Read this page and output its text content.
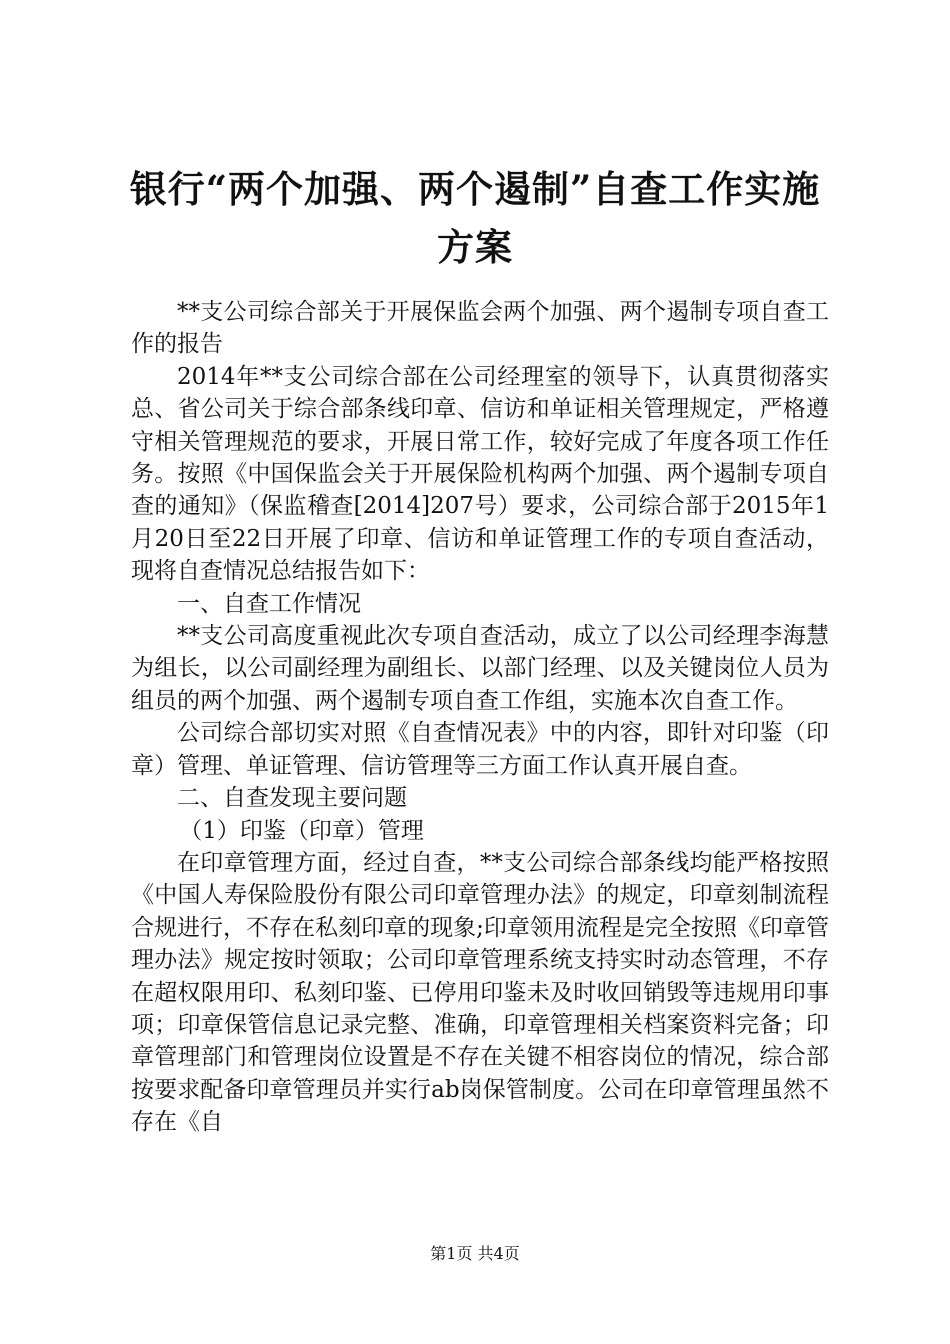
银行“两个加强、两个遏制”自查工作实施方案

**支公司综合部关于开展保监会两个加强、两个遏制专项自查工作的报告

2014年**支公司综合部在公司经理室的领导下，认真贯彻落实总、省公司关于综合部条线印章、信访和单证相关管理规定，严格遵守相关管理规范的要求，开展日常工作，较好完成了年度各项工作任务。按照《中国保监会关于开展保险机构两个加强、两个遏制专项自查的通知》（保监稽查[2014]207号）要求，公司综合部于2015年1月20日至22日开展了印章、信访和单证管理工作的专项自查活动，现将自查情况总结报告如下：

一、自查工作情况

**支公司高度重视此次专项自查活动，成立了以公司经理李海慧为组长，以公司副经理为副组长、以部门经理、以及关键岗位人员为组员的两个加强、两个遏制专项自查工作组，实施本次自查工作。

公司综合部切实对照《自查情况表》中的内容，即针对印鉴（印章）管理、单证管理、信访管理等三方面工作认真开展自查。

二、自查发现主要问题

（1）印鉴（印章）管理

在印章管理方面，经过自查，**支公司综合部条线均能严格按照《中国人寿保险股份有限公司印章管理办法》的规定，印章刻制流程合规进行，不存在私刻印章的现象;印章领用流程是完全按照《印章管理办法》规定按时领取；公司印章管理系统支持实时动态管理，不存在超权限用印、私刻印鉴、已停用印鉴未及时收回销毁等违规用印事项；印章保管信息记录完整、准确，印章管理相关档案资料完备；印章管理部门和管理岗位设置是不存在关键不相容岗位的情况，综合部按要求配备印章管理员并实行ab岗保管制度。公司在印章管理虽然不存在《自

第1页 共4页
